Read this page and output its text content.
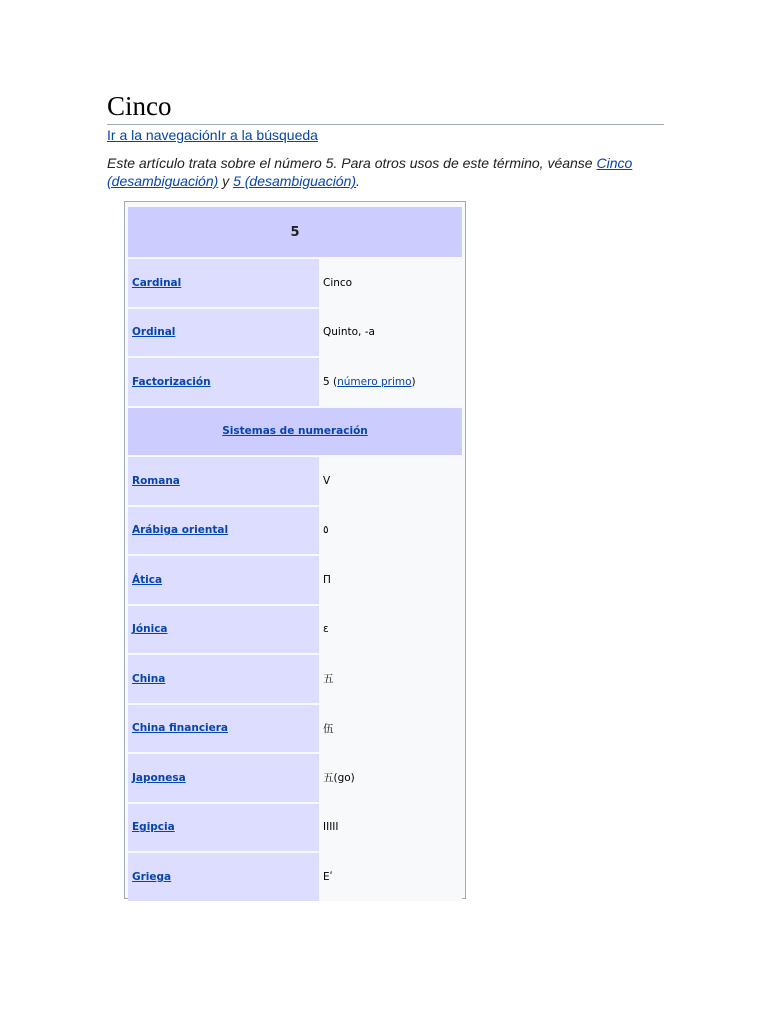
Cinco
Ir a la navegaciónIr a la búsqueda
Este artículo trata sobre el número 5. Para otros usos de este término, véanse Cinco (desambiguación) y 5 (desambiguación).
5	
Cardinal	Cinco
Ordinal	Quinto, -a
Factorización	5 (número primo)
Sistemas de numeración	
Romana	V
Arábiga oriental	٥
Ática	Π
Jónica	ε
China	五
China financiera	伍
Japonesa	五(go)
Egipcia	IIIII
Griega	Eʹ
